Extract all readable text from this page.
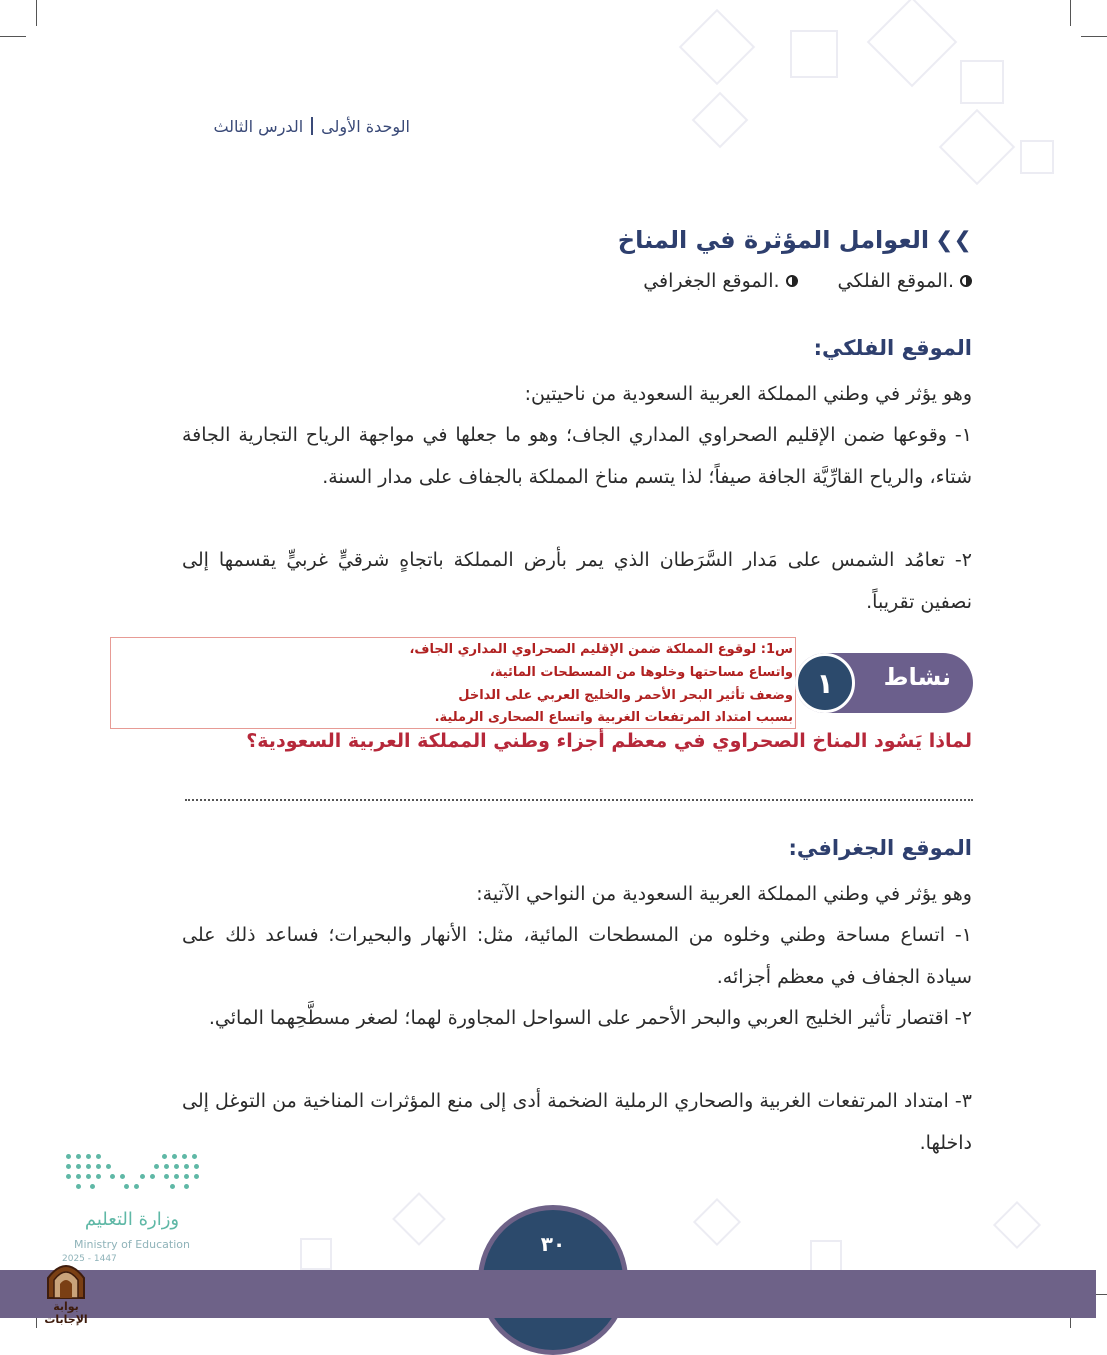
الوحدة الأولى
الدرس الثالث
❮❮
العوامل المؤثرة في المناخ
الموقع الفلكي.
الموقع الجغرافي.
الموقع الفلكي:
وهو يؤثر في وطني المملكة العربية السعودية من ناحيتين:
١- وقوعها ضمن الإقليم الصحراوي المداري الجاف؛ وهو ما جعلها في مواجهة الرياح التجارية الجافة شتاء، والرياح القارِّيَّة الجافة صيفاً؛ لذا يتسم مناخ المملكة بالجفاف على مدار السنة.
٢- تعامُد الشمس على مَدار السَّرَطان الذي يمر بأرض المملكة باتجاهٍ شرقيٍّ غربيٍّ يقسمها إلى نصفين تقريباً.
س1: لوقوع المملكة ضمن الإقليم الصحراوي المداري الجاف،
واتساع مساحتها وخلوها من المسطحات المائية،
وضعف تأثير البحر الأحمر والخليج العربي على الداخل
بسبب امتداد المرتفعات الغربية واتساع الصحارى الرملية.
نشاط
١
لماذا يَسُود المناخ الصحراوي في معظم أجزاء وطني المملكة العربية السعودية؟
الموقع الجغرافي:
وهو يؤثر في وطني المملكة العربية السعودية من النواحي الآتية:
١- اتساع مساحة وطني وخلوه من المسطحات المائية، مثل: الأنهار والبحيرات؛ فساعد ذلك على سيادة الجفاف في معظم أجزائه.
٢- اقتصار تأثير الخليج العربي والبحر الأحمر على السواحل المجاورة لهما؛ لصغر مسطَّحِهما المائي.
٣- امتداد المرتفعات الغربية والصحاري الرملية الضخمة أدى إلى منع المؤثرات المناخية من التوغل إلى داخلها.
وزارة التعليم
Ministry of Education
2025 - 1447
٣٠
بوابة الإجابات
